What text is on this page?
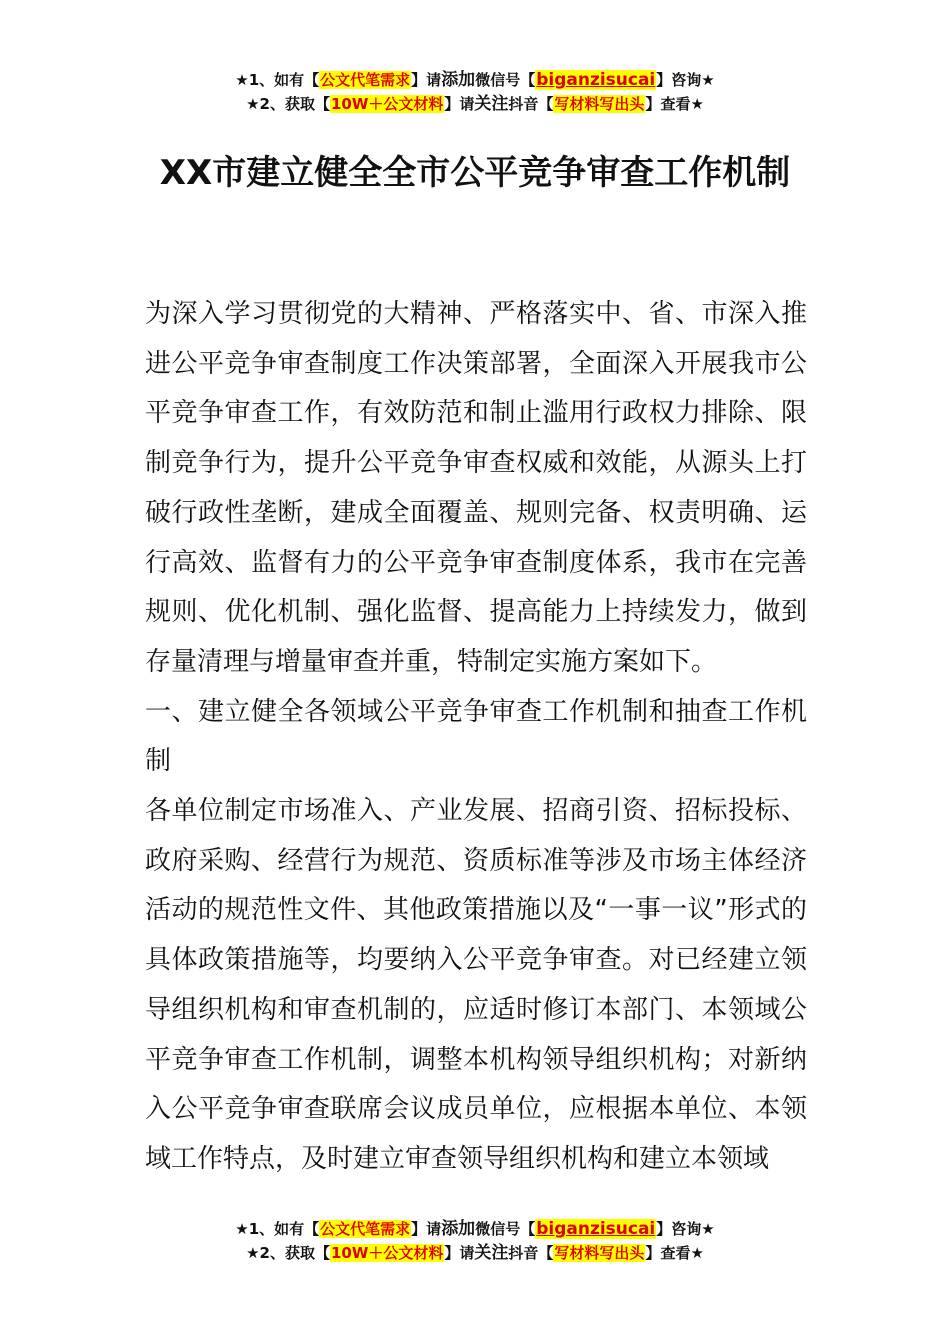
★1、如有【公文代笔需求】请添加微信号【biganzisucai】咨询★
★2、获取【10W＋公文材料】请关注抖音【写材料写出头】查看★
XX市建立健全全市公平竞争审查工作机制

为深入学习贯彻党的大精神、严格落实中、省、市深入推进公平竞争审查制度工作决策部署，全面深入开展我市公平竞争审查工作，有效防范和制止滥用行政权力排除、限制竞争行为，提升公平竞争审查权威和效能，从源头上打破行政性垄断，建成全面覆盖、规则完备、权责明确、运行高效、监督有力的公平竞争审查制度体系，我市在完善规则、优化机制、强化监督、提高能力上持续发力，做到存量清理与增量审查并重，特制定实施方案如下。

一、建立健全各领域公平竞争审查工作机制和抽查工作机制

各单位制定市场准入、产业发展、招商引资、招标投标、政府采购、经营行为规范、资质标准等涉及市场主体经济活动的规范性文件、其他政策措施以及“一事一议”形式的具体政策措施等，均要纳入公平竞争审查。对已经建立领导组织机构和审查机制的，应适时修订本部门、本领域公平竞争审查工作机制，调整本机构领导组织机构；对新纳入公平竞争审查联席会议成员单位，应根据本单位、本领域工作特点，及时建立审查领导组织机构和建立本领域

★1、如有【公文代笔需求】请添加微信号【biganzisucai】咨询★
★2、获取【10W＋公文材料】请关注抖音【写材料写出头】查看★
